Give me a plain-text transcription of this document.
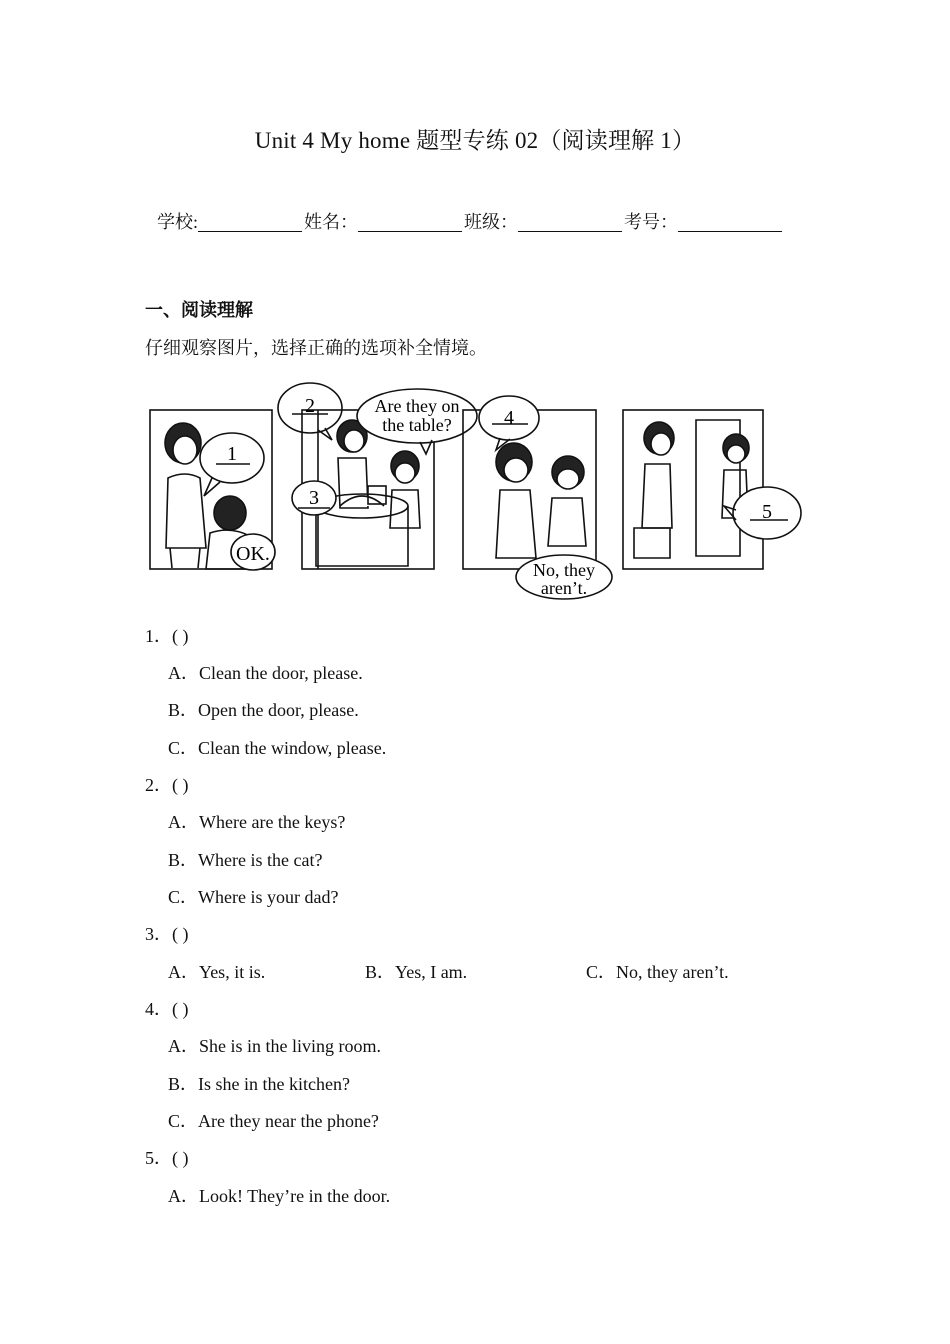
Unit 4 My home 题型专练 02（阅读理解 1）
学校:	姓名：	班级：	考号：
一、阅读理解
仔细观察图片，选择正确的选项补全情境。
1
OK.
2
3
Are they on
the table?	4
No, they
aren’t.
5
1．( )
A．Clean the door, please.
B．Open the door, please.
C．Clean the window, please.
2．( )
A．Where are the keys?
B．Where is the cat?
C．Where is your dad?
3．( )
A．Yes, it is.	B．Yes, I am.	C．No, they aren’t.
4．( )
A．She is in the living room.
B．Is she in the kitchen?
C．Are they near the phone?
5．( )
A．Look! They’re in the door.
